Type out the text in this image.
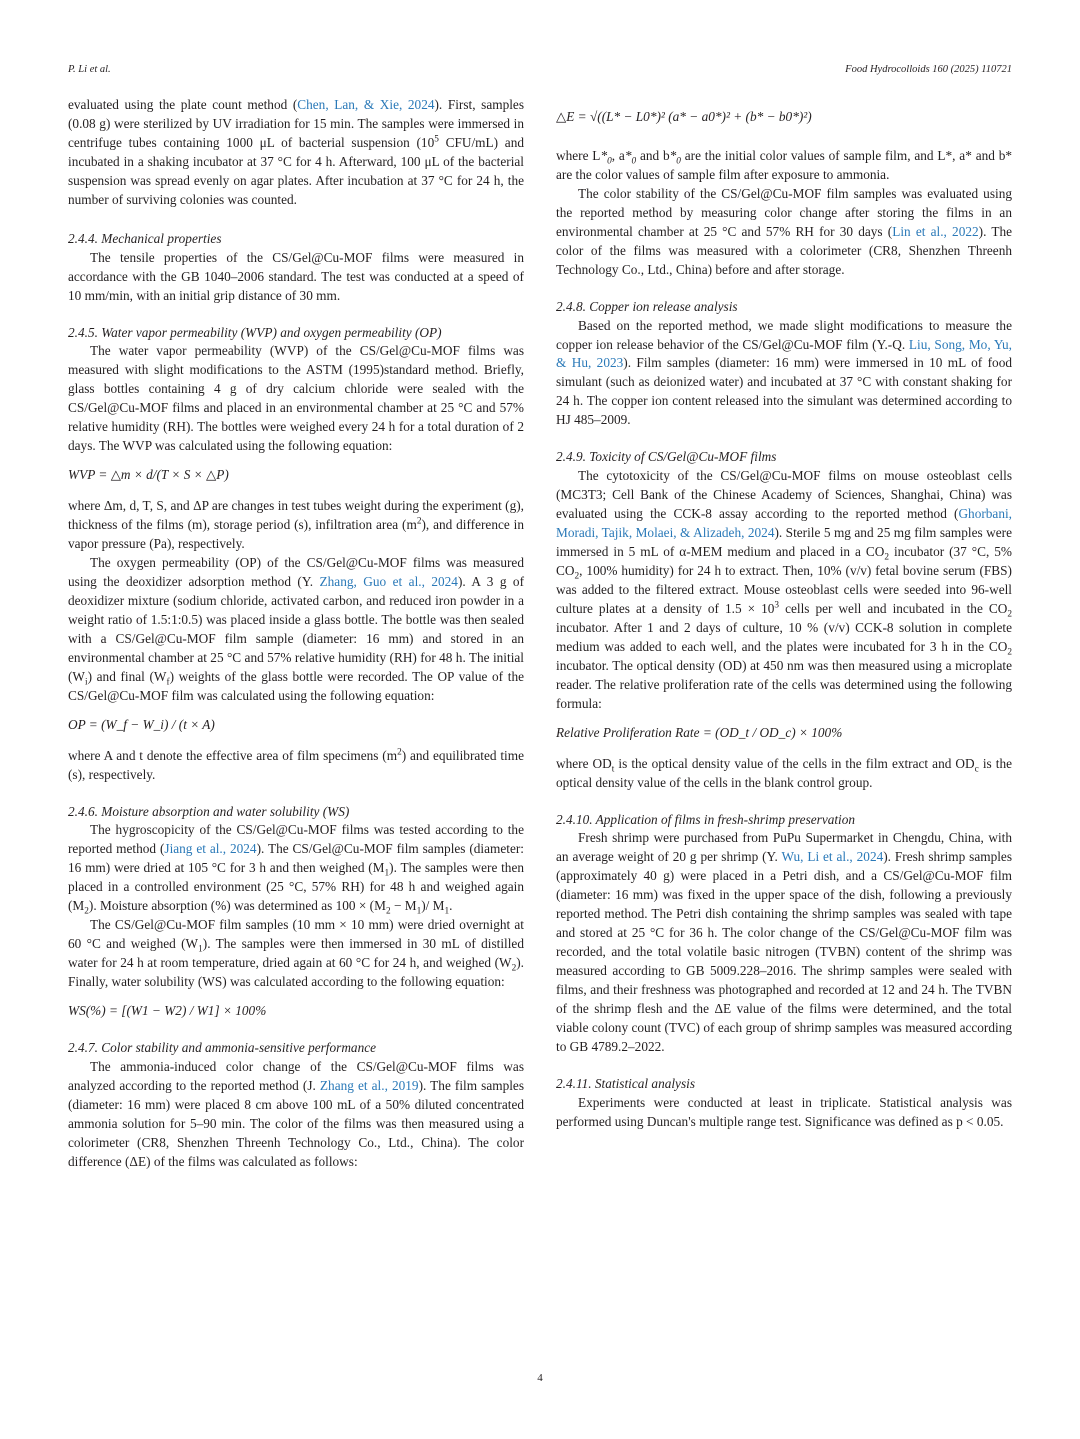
P. Li et al.	Food Hydrocolloids 160 (2025) 110721

evaluated using the plate count method (Chen, Lan, & Xie, 2024). First, samples (0.08 g) were sterilized by UV irradiation for 15 min. The samples were immersed in centrifuge tubes containing 1000 μL of bacterial suspension ($10^5$ CFU/mL) and incubated in a shaking incubator at 37 °C for 4 h. Afterward, 100 μL of the bacterial suspension was spread evenly on agar plates. After incubation at 37 °C for 24 h, the number of surviving colonies was counted.

2.4.4. Mechanical properties

The tensile properties of the CS/Gel@Cu-MOF films were measured in accordance with the GB 1040–2006 standard. The test was conducted at a speed of 10 mm/min, with an initial grip distance of 30 mm.

2.4.5. Water vapor permeability (WVP) and oxygen permeability (OP)

The water vapor permeability (WVP) of the CS/Gel@Cu-MOF films was measured with slight modifications to the ASTM (1995)standard method. Briefly, glass bottles containing 4 g of dry calcium chloride were sealed with the CS/Gel@Cu-MOF films and placed in an environmental chamber at 25 °C and 57% relative humidity (RH). The bottles were weighed every 24 h for a total duration of 2 days. The WVP was calculated using the following equation:

WVP = △m × d/(T × S × △P)

where Δm, d, T, S, and ΔP are changes in test tubes weight during the experiment (g), thickness of the films (m), storage period (s), infiltration area $(m^2)$, and difference in vapor pressure (Pa), respectively.

The oxygen permeability (OP) of the CS/Gel@Cu-MOF films was measured using the deoxidizer adsorption method (Y. Zhang, Guo et al., 2024). A 3 g of deoxidizer mixture (sodium chloride, activated carbon, and reduced iron powder in a weight ratio of 1.5:1:0.5) was placed inside a glass bottle. The bottle was then sealed with a CS/Gel@Cu-MOF film sample (diameter: 16 mm) and stored in an environmental chamber at 25 °C and 57% relative humidity (RH) for 48 h. The initial $(W_i)$ and final $(W_f)$ weights of the glass bottle were recorded. The OP value of the CS/Gel@Cu-MOF film was calculated using the following equation:

OP = (W_f − W_i) / (t × A)

where A and t denote the effective area of film specimens $(m^2)$ and equilibrated time (s), respectively.

2.4.6. Moisture absorption and water solubility (WS)

The hygroscopicity of the CS/Gel@Cu-MOF films was tested according to the reported method (Jiang et al., 2024). The CS/Gel@Cu-MOF film samples (diameter: 16 mm) were dried at 105 °C for 3 h and then weighed $(M_1)$. The samples were then placed in a controlled environment (25 °C, 57% RH) for 48 h and weighed again $(M_2)$. Moisture absorption (%) was determined as $100 \times (M_2 - M_1)/$ $M_1$.

The CS/Gel@Cu-MOF film samples (10 mm × 10 mm) were dried overnight at 60 °C and weighed $(W_1)$. The samples were then immersed in 30 mL of distilled water for 24 h at room temperature, dried again at 60 °C for 24 h, and weighed $(W_2)$. Finally, water solubility (WS) was calculated according to the following equation:

WS(%) = [(W1 − W2) / W1] × 100%

2.4.7. Color stability and ammonia-sensitive performance

The ammonia-induced color change of the CS/Gel@Cu-MOF films was analyzed according to the reported method (J. Zhang et al., 2019). The film samples (diameter: 16 mm) were placed 8 cm above 100 mL of a 50% diluted concentrated ammonia solution for 5–90 min. The color of the films was then measured using a colorimeter (CR8, Shenzhen Threenh Technology Co., Ltd., China). The color difference (ΔE) of the films was calculated as follows:

△E = √((L* − L0*)² (a* − a0*)² + (b* − b0*)²)

where $L*_0$, $a*_0$ and $b*_0$ are the initial color values of sample film, and L*, a* and b* are the color values of sample film after exposure to ammonia.

The color stability of the CS/Gel@Cu-MOF film samples was evaluated using the reported method by measuring color change after storing the films in an environmental chamber at 25 °C and 57% RH for 30 days (Lin et al., 2022). The color of the films was measured with a colorimeter (CR8, Shenzhen Threenh Technology Co., Ltd., China) before and after storage.

2.4.8. Copper ion release analysis

Based on the reported method, we made slight modifications to measure the copper ion release behavior of the CS/Gel@Cu-MOF film (Y.-Q. Liu, Song, Mo, Yu, & Hu, 2023). Film samples (diameter: 16 mm) were immersed in 10 mL of food simulant (such as deionized water) and incubated at 37 °C with constant shaking for 24 h. The copper ion content released into the simulant was determined according to HJ 485–2009.

2.4.9. Toxicity of CS/Gel@Cu-MOF films

The cytotoxicity of the CS/Gel@Cu-MOF films on mouse osteoblast cells (MC3T3; Cell Bank of the Chinese Academy of Sciences, Shanghai, China) was evaluated using the CCK-8 assay according to the reported method (Ghorbani, Moradi, Tajik, Molaei, & Alizadeh, 2024). Sterile 5 mg and 25 mg film samples were immersed in 5 mL of α-MEM medium and placed in a $CO_2$ incubator (37 °C, 5% $CO_2$, 100% humidity) for 24 h to extract. Then, 10% (v/v) fetal bovine serum (FBS) was added to the filtered extract. Mouse osteoblast cells were seeded into 96-well culture plates at a density of $1.5 \times 10^3$ cells per well and incubated in the $CO_2$ incubator. After 1 and 2 days of culture, 10 % (v/v) CCK-8 solution in complete medium was added to each well, and the plates were incubated for 3 h in the $CO_2$ incubator. The optical density (OD) at 450 nm was then measured using a microplate reader. The relative proliferation rate of the cells was determined using the following formula:

Relative Proliferation Rate = (OD_t / OD_c) × 100%

where $OD_t$ is the optical density value of the cells in the film extract and $OD_c$ is the optical density value of the cells in the blank control group.

2.4.10. Application of films in fresh-shrimp preservation

Fresh shrimp were purchased from PuPu Supermarket in Chengdu, China, with an average weight of 20 g per shrimp (Y. Wu, Li et al., 2024). Fresh shrimp samples (approximately 40 g) were placed in a Petri dish, and a CS/Gel@Cu-MOF film (diameter: 16 mm) was fixed in the upper space of the dish, following a previously reported method. The Petri dish containing the shrimp samples was sealed with tape and stored at 25 °C for 36 h. The color change of the CS/Gel@Cu-MOF film was recorded, and the total volatile basic nitrogen (TVBN) content of the shrimp was measured according to GB 5009.228–2016. The shrimp samples were sealed with films, and their freshness was photographed and recorded at 12 and 24 h. The TVBN of the shrimp flesh and the ΔE value of the films were determined, and the total viable colony count (TVC) of each group of shrimp samples was measured according to GB 4789.2–2022.

2.4.11. Statistical analysis

Experiments were conducted at least in triplicate. Statistical analysis was performed using Duncan's multiple range test. Significance was defined as p < 0.05.

4
